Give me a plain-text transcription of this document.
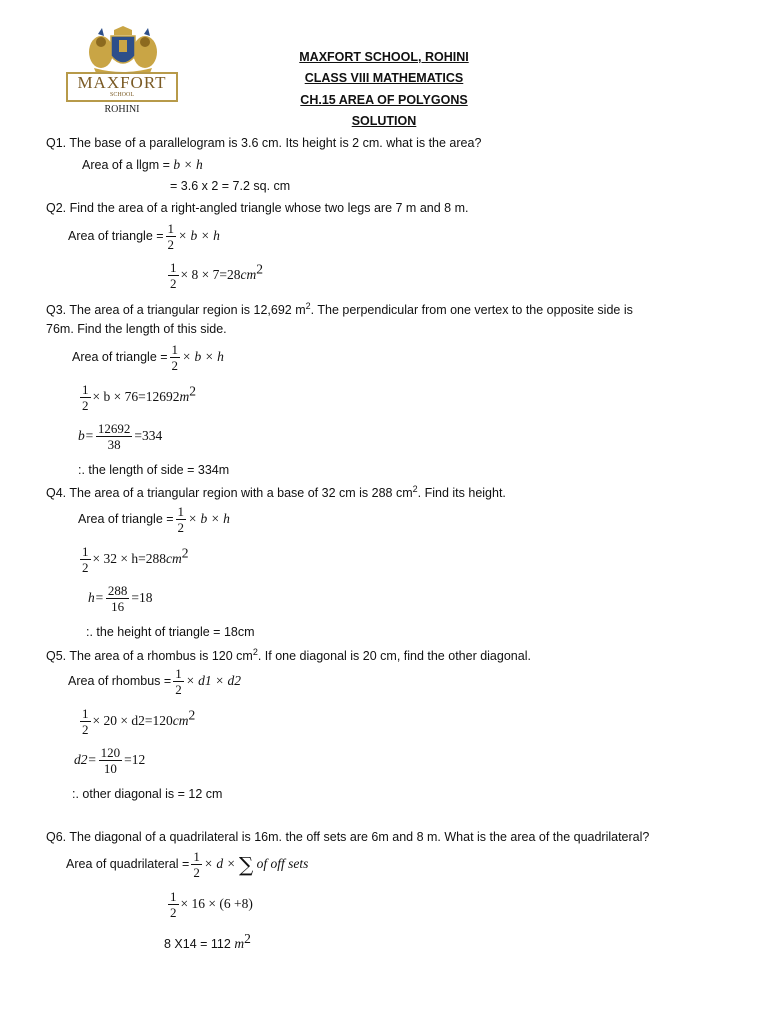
MAXFORT
SCHOOL
ROHINI
MAXFORT SCHOOL, ROHINI
CLASS VIII MATHEMATICS
CH.15 AREA OF POLYGONS
SOLUTION
Q1. The base of a parallelogram is 3.6 cm. Its height is 2 cm. what is the area?
Area of a llgm = b × h
= 3.6 x 2 = 7.2 sq. cm
Q2. Find the area of a right-angled triangle whose two legs are 7 m and 8 m.
Area of triangle = $\frac{1}{2} \times b \times h$
$\frac{1}{2} \times 8 \times 7=28cm^2$
Q3. The area of a triangular region is 12,692 $m^2$. The perpendicular from one vertex to the opposite side is
76m. Find the length of this side.
Area of triangle = $\frac{1}{2} \times b \times h$
$\frac{1}{2} \times b \times 76=12692m^2$
$b= \frac{12692}{38} =334$
:. the length of side = 334m
Q4. The area of a triangular region with a base of 32 cm is 288 $cm^2$. Find its height.
Area of triangle = $\frac{1}{2} \times b \times h$
$\frac{1}{2} \times 32 \times h=288cm^2$
$h= \frac{288}{16} =18$
:. the height of triangle = 18cm
Q5. The area of a rhombus is 120 $cm^2$. If one diagonal is 20 cm, find the other diagonal.
Area of rhombus = $\frac{1}{2} \times d1 \times d2$
$\frac{1}{2} \times 20 \times d2=120cm^2$
$d2= \frac{120}{10} =12$
:. other diagonal is = 12 cm
Q6. The diagonal of a quadrilateral is 16m. the off sets are 6m and 8 m. What is the area of the quadrilateral?
Area of quadrilateral = $\frac{1}{2} \times d$ × ∑ of off sets
$\frac{1}{2} \times 16 \times (6 +8)$
8 X14 = 112 $m^2$
